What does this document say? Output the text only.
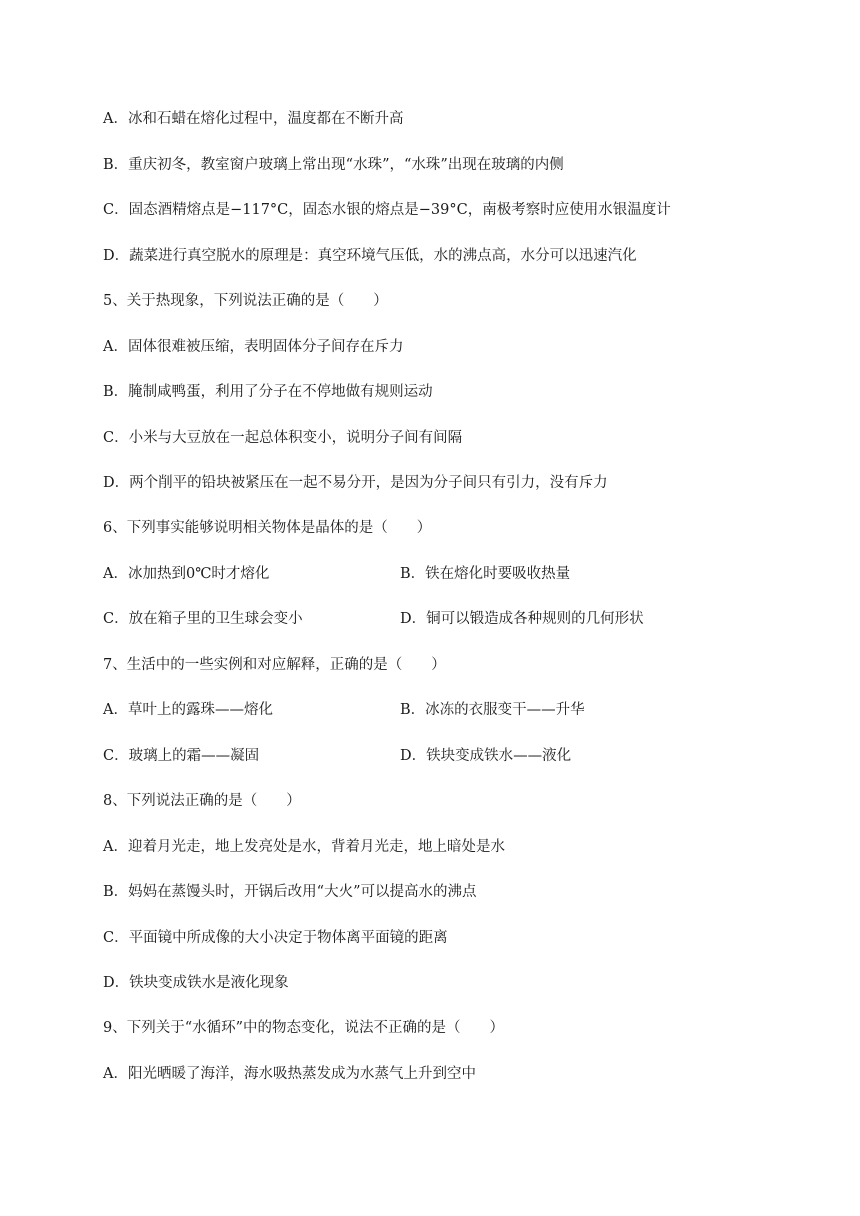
A．冰和石蜡在熔化过程中，温度都在不断升高
B．重庆初冬，教室窗户玻璃上常出现“水珠”，“水珠”出现在玻璃的内侧
C．固态酒精熔点是−117°C，固态水银的熔点是−39°C，南极考察时应使用水银温度计
D．蔬菜进行真空脱水的原理是：真空环境气压低，水的沸点高，水分可以迅速汽化
5、关于热现象，下列说法正确的是（　　）
A．固体很难被压缩，表明固体分子间存在斥力
B．腌制咸鸭蛋，利用了分子在不停地做有规则运动
C．小米与大豆放在一起总体积变小，说明分子间有间隔
D．两个削平的铅块被紧压在一起不易分开，是因为分子间只有引力，没有斥力
6、下列事实能够说明相关物体是晶体的是（　　）
A．冰加热到0℃时才熔化	B．铁在熔化时要吸收热量
C．放在箱子里的卫生球会变小	D．铜可以锻造成各种规则的几何形状
7、生活中的一些实例和对应解释，正确的是（　　）
A．草叶上的露珠——熔化	B．冰冻的衣服变干——升华
C．玻璃上的霜——凝固	D．铁块变成铁水——液化
8、下列说法正确的是（　　）
A．迎着月光走，地上发亮处是水，背着月光走，地上暗处是水
B．妈妈在蒸馒头时，开锅后改用“大火”可以提高水的沸点
C．平面镜中所成像的大小决定于物体离平面镜的距离
D．铁块变成铁水是液化现象
9、下列关于“水循环”中的物态变化，说法不正确的是（　　）
A．阳光晒暖了海洋，海水吸热蒸发成为水蒸气上升到空中
